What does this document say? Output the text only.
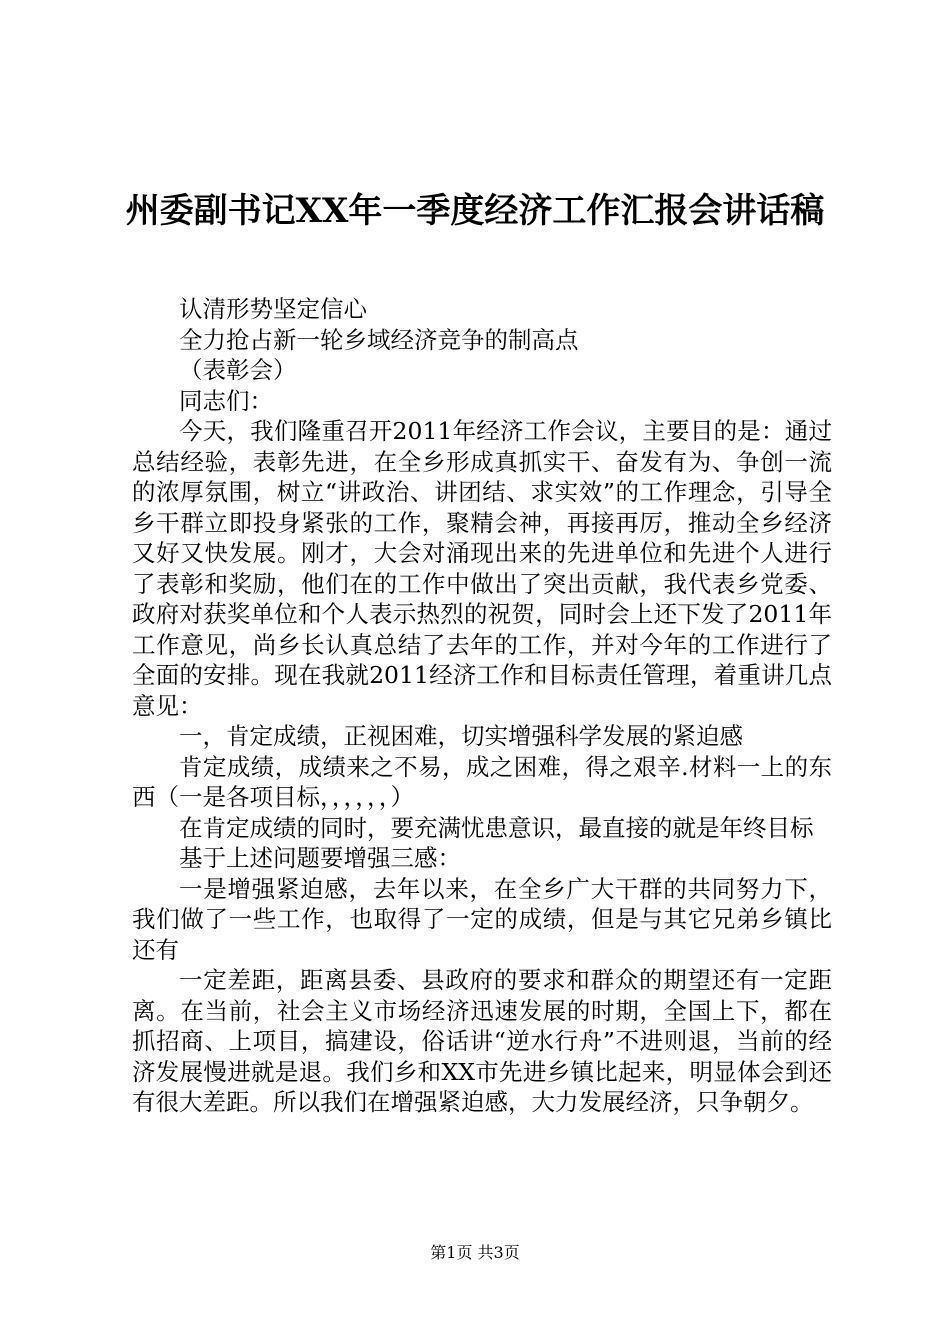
州委副书记XX年一季度经济工作汇报会讲话稿

认清形势坚定信心

全力抢占新一轮乡域经济竞争的制高点

（表彰会）

同志们：

今天，我们隆重召开2011年经济工作会议，主要目的是：通过总结经验，表彰先进，在全乡形成真抓实干、奋发有为、争创一流的浓厚氛围，树立“讲政治、讲团结、求实效”的工作理念，引导全乡干群立即投身紧张的工作，聚精会神，再接再厉，推动全乡经济又好又快发展。刚才，大会对涌现出来的先进单位和先进个人进行了表彰和奖励，他们在的工作中做出了突出贡献，我代表乡党委、政府对获奖单位和个人表示热烈的祝贺，同时会上还下发了2011年工作意见，尚乡长认真总结了去年的工作，并对今年的工作进行了全面的安排。现在我就2011经济工作和目标责任管理，着重讲几点意见：

一，肯定成绩，正视困难，切实增强科学发展的紧迫感

肯定成绩，成绩来之不易，成之困难，得之艰辛.材料一上的东西（一是各项目标，，，，，，）

在肯定成绩的同时，要充满忧患意识，最直接的就是年终目标

基于上述问题要增强三感：

一是增强紧迫感，去年以来，在全乡广大干群的共同努力下，我们做了一些工作，也取得了一定的成绩，但是与其它兄弟乡镇比还有

一定差距，距离县委、县政府的要求和群众的期望还有一定距离。在当前，社会主义市场经济迅速发展的时期，全国上下，都在抓招商、上项目，搞建设，俗话讲“逆水行舟”不进则退，当前的经济发展慢进就是退。我们乡和XX市先进乡镇比起来，明显体会到还有很大差距。所以我们在增强紧迫感，大力发展经济，只争朝夕。

第1页 共3页
